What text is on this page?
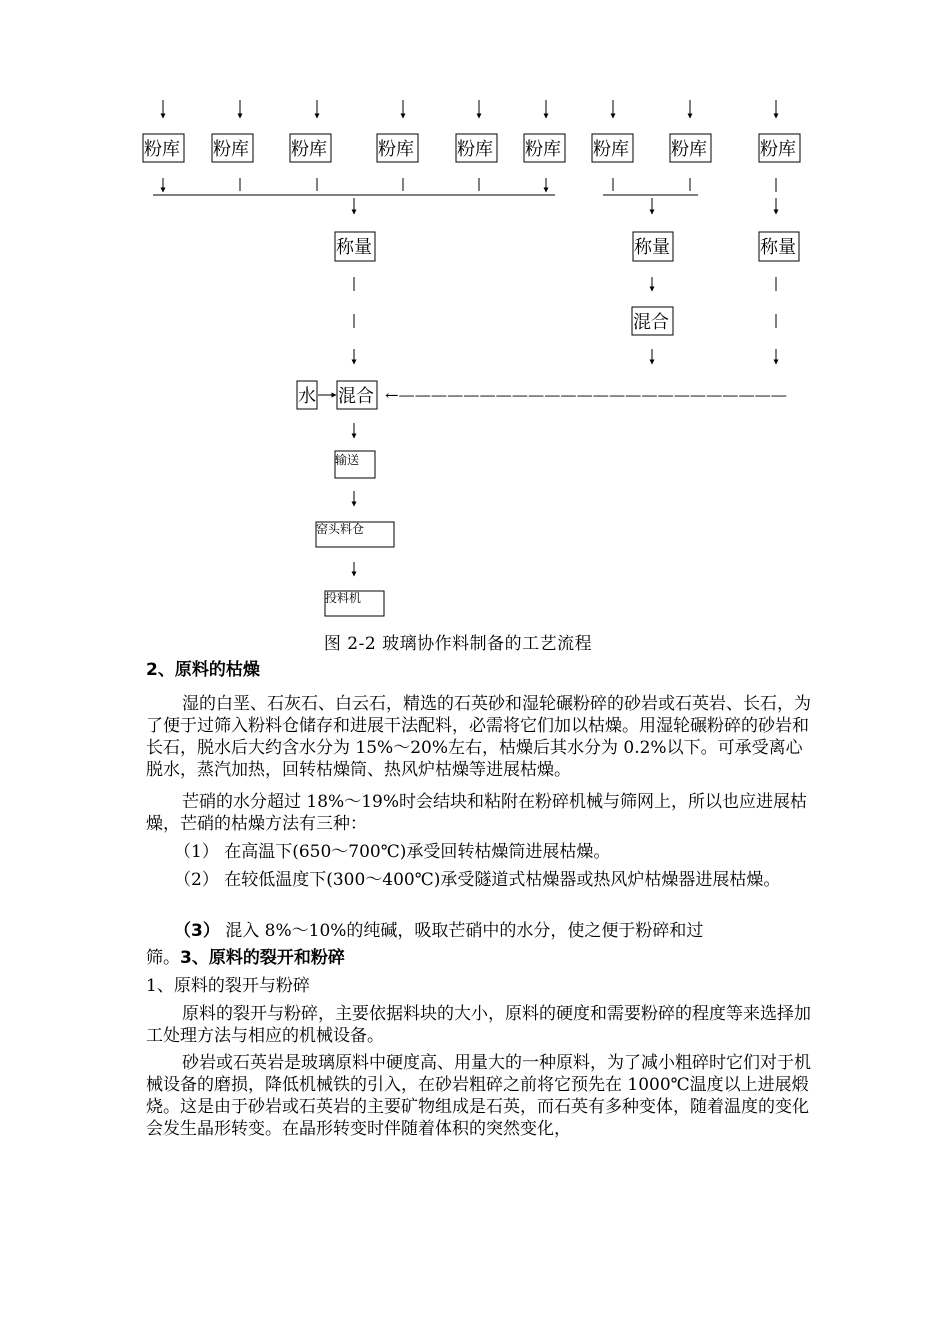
粉库 粉库 粉库	粉库 粉库 粉库 粉库 粉库	粉库
称量	称量	称量
混合
水 混合 ←————————————————————————
输送
窑头料仓
投料机
图 2-2 玻璃协作料制备的工艺流程
2、原料的枯燥
湿的白垩、石灰石、白云石，精选的石英砂和湿轮碾粉碎的砂岩或石英岩、长石，为了便于过筛入粉料仓储存和进展干法配料，必需将它们加以枯燥。用湿轮碾粉碎的砂岩和长石，脱水后大约含水分为 15%～20%左右，枯燥后其水分为 0.2%以下。可承受离心脱水，蒸汽加热，回转枯燥筒、热风炉枯燥等进展枯燥。
芒硝的水分超过 18%～19%时会结块和粘附在粉碎机械与筛网上，所以也应进展枯燥，芒硝的枯燥方法有三种：
（1） 在高温下(650～700℃)承受回转枯燥筒进展枯燥。
（2） 在较低温度下(300～400℃)承受隧道式枯燥器或热风炉枯燥器进展枯燥。
（3） 混入 8%～10%的纯碱，吸取芒硝中的水分，使之便于粉碎和过
筛。3、原料的裂开和粉碎
1、原料的裂开与粉碎
原料的裂开与粉碎，主要依据料块的大小，原料的硬度和需要粉碎的程度等来选择加工处理方法与相应的机械设备。
砂岩或石英岩是玻璃原料中硬度高、用量大的一种原料，为了减小粗碎时它们对于机械设备的磨损，降低机械铁的引入，在砂岩粗碎之前将它预先在 1000℃温度以上进展煅烧。这是由于砂岩或石英岩的主要矿物组成是石英，而石英有多种变体，随着温度的变化会发生晶形转变。在晶形转变时伴随着体积的突然变化，
